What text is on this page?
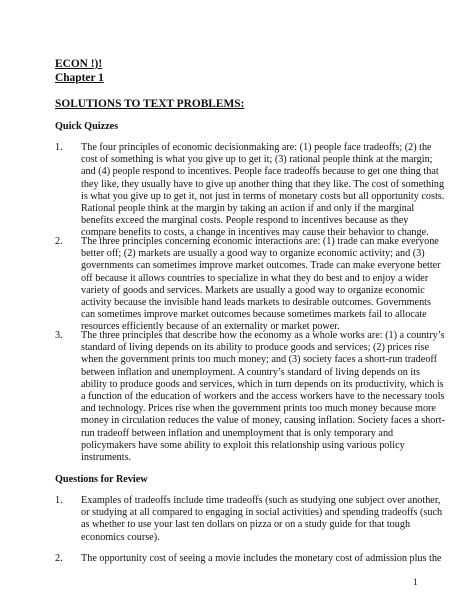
ECON !)!
Chapter 1
SOLUTIONS TO TEXT PROBLEMS:
Quick Quizzes
1. The four principles of economic decisionmaking are: (1) people face tradeoffs; (2) the
cost of something is what you give up to get it; (3) rational people think at the margin;
and (4) people respond to incentives. People face tradeoffs because to get one thing that
they like, they usually have to give up another thing that they like. The cost of something
is what you give up to get it, not just in terms of monetary costs but all opportunity costs.
Rational people think at the margin by taking an action if and only if the marginal
benefits exceed the marginal costs. People respond to incentives because as they
compare benefits to costs, a change in incentives may cause their behavior to change.
2. The three principles concerning economic interactions are: (1) trade can make everyone
better off; (2) markets are usually a good way to organize economic activity; and (3)
governments can sometimes improve market outcomes. Trade can make everyone better
off because it allows countries to specialize in what they do best and to enjoy a wider
variety of goods and services. Markets are usually a good way to organize economic
activity because the invisible hand leads markets to desirable outcomes. Governments
can sometimes improve market outcomes because sometimes markets fail to allocate
resources efficiently because of an externality or market power.
3. The three principles that describe how the economy as a whole works are: (1) a country’s
standard of living depends on its ability to produce goods and services; (2) prices rise
when the government prints too much money; and (3) society faces a short-run tradeoff
between inflation and unemployment. A country’s standard of living depends on its
ability to produce goods and services, which in turn depends on its productivity, which is
a function of the education of workers and the access workers have to the necessary tools
and technology. Prices rise when the government prints too much money because more
money in circulation reduces the value of money, causing inflation. Society faces a short-
run tradeoff between inflation and unemployment that is only temporary and
policymakers have some ability to exploit this relationship using various policy
instruments.
Questions for Review
1. Examples of tradeoffs include time tradeoffs (such as studying one subject over another,
or studying at all compared to engaging in social activities) and spending tradeoffs (such
as whether to use your last ten dollars on pizza or on a study guide for that tough
economics course).
2. The opportunity cost of seeing a movie includes the monetary cost of admission plus the
1
